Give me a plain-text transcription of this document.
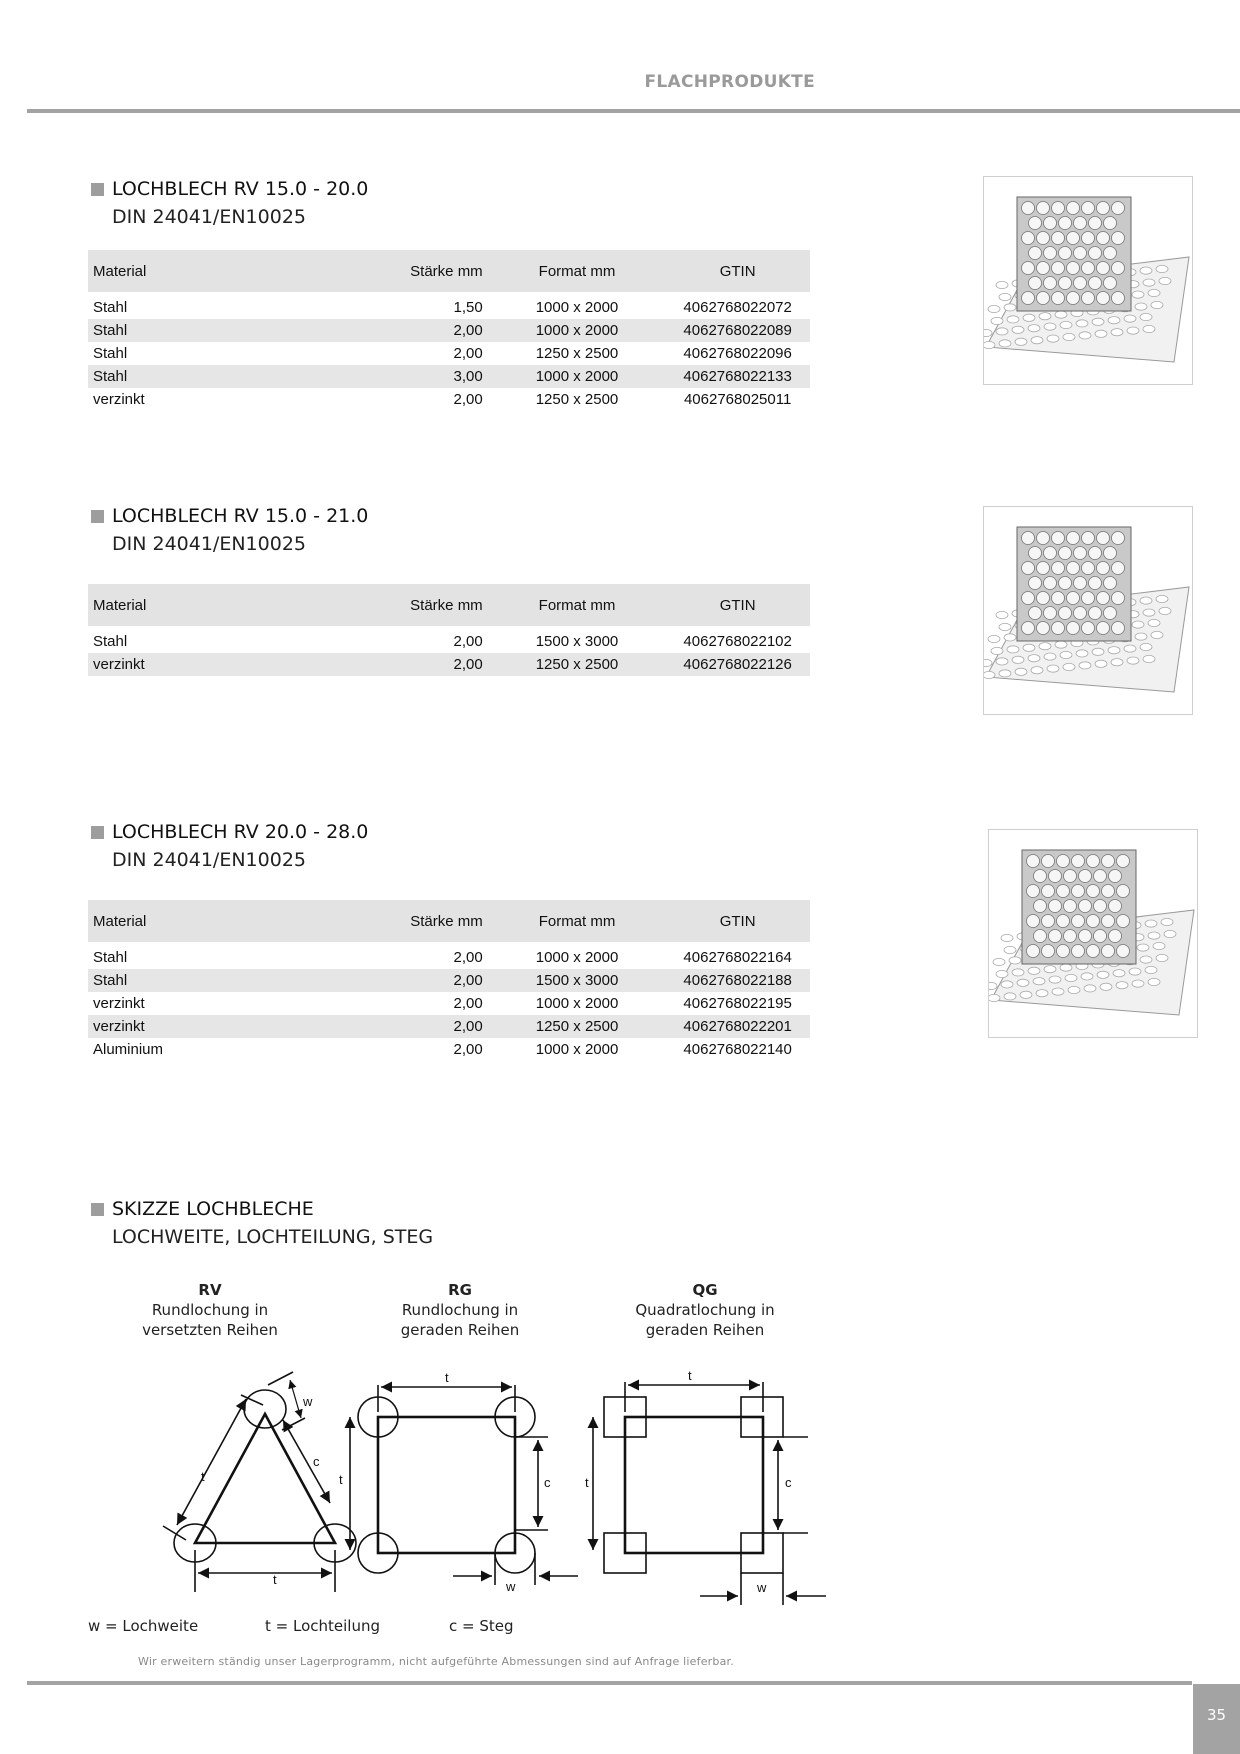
FLACHPRODUKTE
LOCHBLECH RV 15.0 - 20.0
DIN 24041/EN10025
Material	Stärke mm	Format mm	GTIN

Stahl	1,50	1000 x 2000	4062768022072
Stahl	2,00	1000 x 2000	4062768022089
Stahl	2,00	1250 x 2500	4062768022096
Stahl	3,00	1000 x 2000	4062768022133
verzinkt	2,00	1250 x 2500	4062768025011
LOCHBLECH RV 15.0 - 21.0
DIN 24041/EN10025
Material	Stärke mm	Format mm	GTIN

Stahl	2,00	1500 x 3000	4062768022102
verzinkt	2,00	1250 x 2500	4062768022126
LOCHBLECH RV 20.0 - 28.0
DIN 24041/EN10025
Material	Stärke mm	Format mm	GTIN

Stahl	2,00	1000 x 2000	4062768022164
Stahl	2,00	1500 x 3000	4062768022188
verzinkt	2,00	1000 x 2000	4062768022195
verzinkt	2,00	1250 x 2500	4062768022201
Aluminium	2,00	1000 x 2000	4062768022140
SKIZZE LOCHBLECHE
LOCHWEITE, LOCHTEILUNG, STEG
RV
Rundlochung in
versetzten Reihen
RG
Rundlochung in
geraden Reihen
QG
Quadratlochung in
geraden Reihen
t
t
c
w
t
t	c
w
t
t	c
w
w = Lochweite	t = Lochteilung	c = Steg
Wir erweitern ständig unser Lagerprogramm, nicht aufgeführte Abmessungen sind auf Anfrage lieferbar.
35
